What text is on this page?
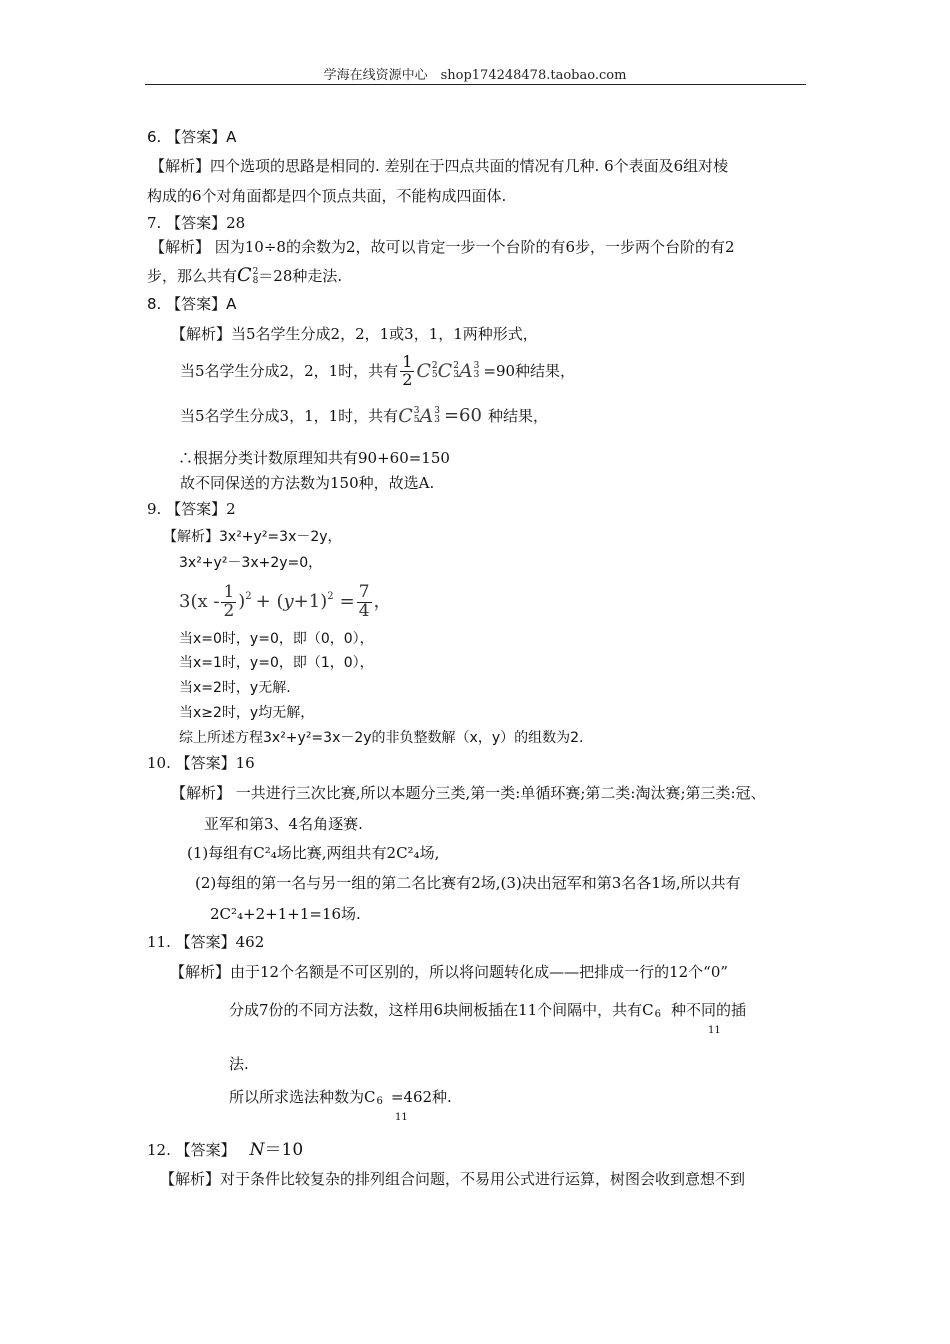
学海在线资源中心　shop174248478.taobao.com
6. 【答案】A
【解析】四个选项的思路是相同的. 差别在于四点共面的情况有几种. 6个表面及6组对棱
构成的6个对角面都是四个顶点共面，不能构成四面体.
7. 【答案】28
【解析】 因为10÷8的余数为2，故可以肯定一步一个台阶的有6步，一步两个台阶的有2
步，那么共有C 2
8 ＝28种走法.
8. 【答案】A
【解析】当5名学生分成2，2，1或3，1，1两种形式，
当5名学生分成2，2，1时，共有 $\frac{1}{2}$ C 2
5 C 2
3 A 3
3 =90种结果，
当5名学生分成3，1，1时，共有 C 3
5 A 3
3 =60 种结果，
∴根据分类计数原理知共有90+60=150
故不同保送的方法数为150种，故选A.
9. 【答案】2
【解析】3x²+y²=3x－2y，
3x²+y²－3x+2y=0，
$3(x - \frac{1}{2}$ ) 2 + ( y +1) $2 = \frac{7}{4}$ ，
当x=0时，y=0，即（0，0），
当x=1时，y=0，即（1，0），
当x=2时，y无解.
当x≥2时，y均无解，
综上所述方程3x²+y²=3x－2y的非负整数解（x，y）的组数为2.
10. 【答案】16
【解析】 一共进行三次比赛,所以本题分三类,第一类:单循环赛;第二类:淘汰赛;第三类:冠、
亚军和第3、4名角逐赛.
(1)每组有C²₄场比赛,两组共有2C²₄场,
(2)每组的第一名与另一组的第二名比赛有2场,(3)决出冠军和第3名各1场,所以共有
2C²₄+2+1+1=16场.
11. 【答案】462
【解析】由于12个名额是不可区别的，所以将问题转化成——把排成一行的12个“0”
分成7份的不同方法数，这样用6块闸板插在11个间隔中，共有C6 种不同的插
11
法.
所以所求选法种数为C6 =462种.
11
12. 【答案】 N＝10
【解析】对于条件比较复杂的排列组合问题，不易用公式进行运算，树图会收到意想不到
